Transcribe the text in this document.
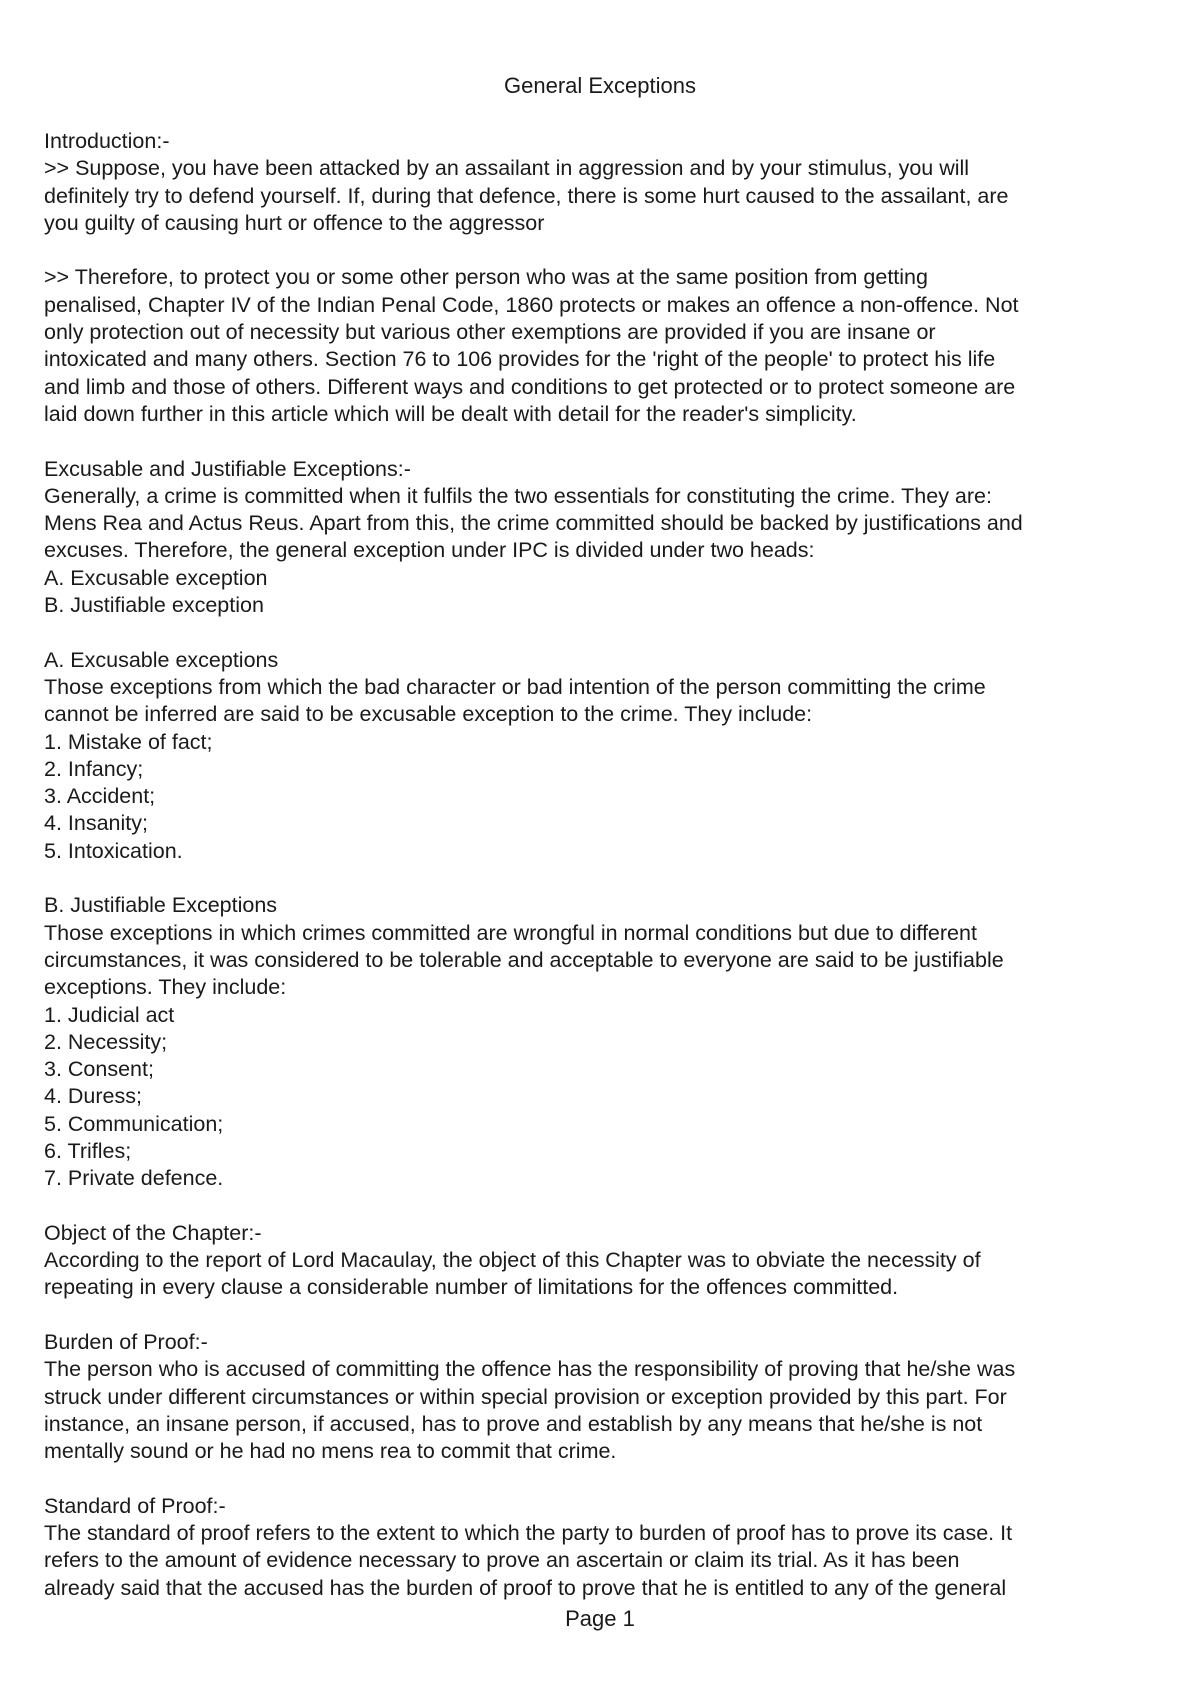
General Exceptions
Introduction:-
>> Suppose, you have been attacked by an assailant in aggression and by your stimulus, you will
definitely try to defend yourself. If, during that defence, there is some hurt caused to the assailant, are
you guilty of causing hurt or offence to the aggressor

>> Therefore, to protect you or some other person who was at the same position from getting
penalised, Chapter IV of the Indian Penal Code, 1860 protects or makes an offence a non-offence. Not
only protection out of necessity but various other exemptions are provided if you are insane or
intoxicated and many others. Section 76 to 106 provides for the 'right of the people' to protect his life
and limb and those of others. Different ways and conditions to get protected or to protect someone are
laid down further in this article which will be dealt with detail for the reader's simplicity.

Excusable and Justifiable Exceptions:-
Generally, a crime is committed when it fulfils the two essentials for constituting the crime. They are:
Mens Rea and Actus Reus. Apart from this, the crime committed should be backed by justifications and
excuses. Therefore, the general exception under IPC is divided under two heads:
A. Excusable exception
B. Justifiable exception

A. Excusable exceptions
Those exceptions from which the bad character or bad intention of the person committing the crime
cannot be inferred are said to be excusable exception to the crime. They include:
1. Mistake of fact;
2. Infancy;
3. Accident;
4. Insanity;
5. Intoxication.

B. Justifiable Exceptions
Those exceptions in which crimes committed are wrongful in normal conditions but due to different
circumstances, it was considered to be tolerable and acceptable to everyone are said to be justifiable
exceptions. They include:
1. Judicial act
2. Necessity;
3. Consent;
4. Duress;
5. Communication;
6. Trifles;
7. Private defence.

Object of the Chapter:-
According to the report of Lord Macaulay, the object of this Chapter was to obviate the necessity of
repeating in every clause a considerable number of limitations for the offences committed.

Burden of Proof:-
The person who is accused of committing the offence has the responsibility of proving that he/she was
struck under different circumstances or within special provision or exception provided by this part. For
instance, an insane person, if accused, has to prove and establish by any means that he/she is not
mentally sound or he had no mens rea to commit that crime.

Standard of Proof:-
The standard of proof refers to the extent to which the party to burden of proof has to prove its case. It
refers to the amount of evidence necessary to prove an ascertain or claim its trial. As it has been
already said that the accused has the burden of proof to prove that he is entitled to any of the general
Page 1
